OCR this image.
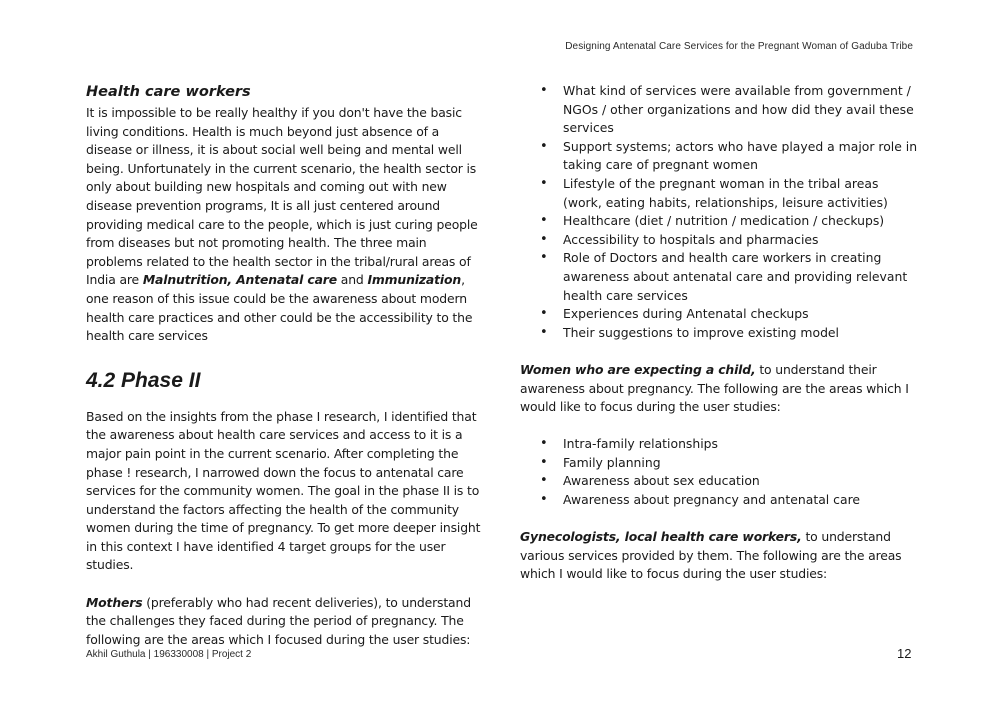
Designing Antenatal Care Services for the Pregnant Woman of Gaduba Tribe
Health care workers

It is impossible to be really healthy if you don't have the basic living conditions. Health is much beyond just absence of a disease or illness, it is about social well being and mental well being. Unfortunately in the current scenario, the health sector is only about building new hospitals and coming out with new disease prevention programs, It is all just centered around providing medical care to the people, which is just curing people from diseases but not promoting health. The three main problems related to the health sector in the tribal/rural areas of India are Malnutrition, Antenatal care and Immunization, one reason of this issue could be the awareness about modern health care practices and other could be the accessibility to the health care services

4.2 Phase II

Based on the insights from the phase I research, I identified that the awareness about health care services and access to it is a major pain point in the current scenario. After completing the phase ! research, I narrowed down the focus to antenatal care services for the community women. The goal in the phase II is to understand the factors affecting the health of the community women during the time of pregnancy. To get more deeper insight in this context I have identified 4 target groups for the user studies.

Mothers (preferably who had recent deliveries), to understand the challenges they faced during the period of pregnancy. The following are the areas which I focused during the user studies:

• What kind of services were available from government / NGOs / other organizations and how did they avail these services
• Support systems; actors who have played a major role in taking care of pregnant women
• Lifestyle of the pregnant woman in the tribal areas (work, eating habits, relationships, leisure activities)
• Healthcare (diet / nutrition / medication / checkups)
• Accessibility to hospitals and pharmacies
• Role of Doctors and health care workers in creating awareness about antenatal care and providing relevant health care services
• Experiences during Antenatal checkups
• Their suggestions to improve existing model

Women who are expecting a child, to understand their awareness about pregnancy. The following are the areas which I would like to focus during the user studies:

• Intra-family relationships
• Family planning
• Awareness about sex education
• Awareness about pregnancy and antenatal care

Gynecologists, local health care workers, to understand various services provided by them. The following are the areas which I would like to focus during the user studies:

Akhil Guthula | 196330008 | Project 2	12
